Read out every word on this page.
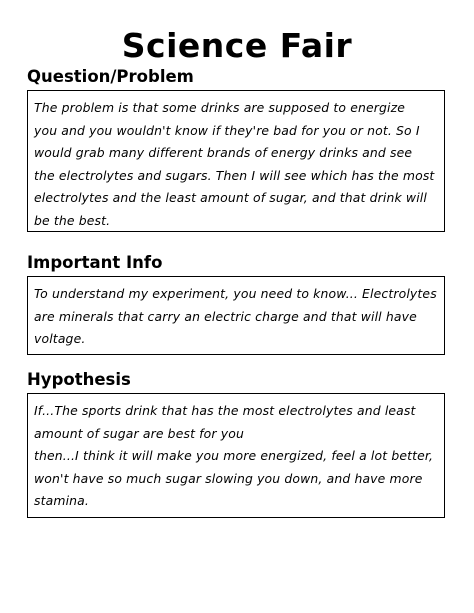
Science Fair
Question/Problem

The problem is that some drinks are supposed to energize

you and you wouldn't know if they're bad for you or not. So I

would grab many different brands of energy drinks and see

the electrolytes and sugars. Then I will see which has the most

electrolytes and the least amount of sugar, and that drink will

be the best.

Important Info

To understand my experiment, you need to know... Electrolytes

are minerals that carry an electric charge and that will have

voltage.

Hypothesis

If...The sports drink that has the most electrolytes and least

amount of sugar are best for you

then...I think it will make you more energized, feel a lot better,

won't have so much sugar slowing you down, and have more

stamina.
